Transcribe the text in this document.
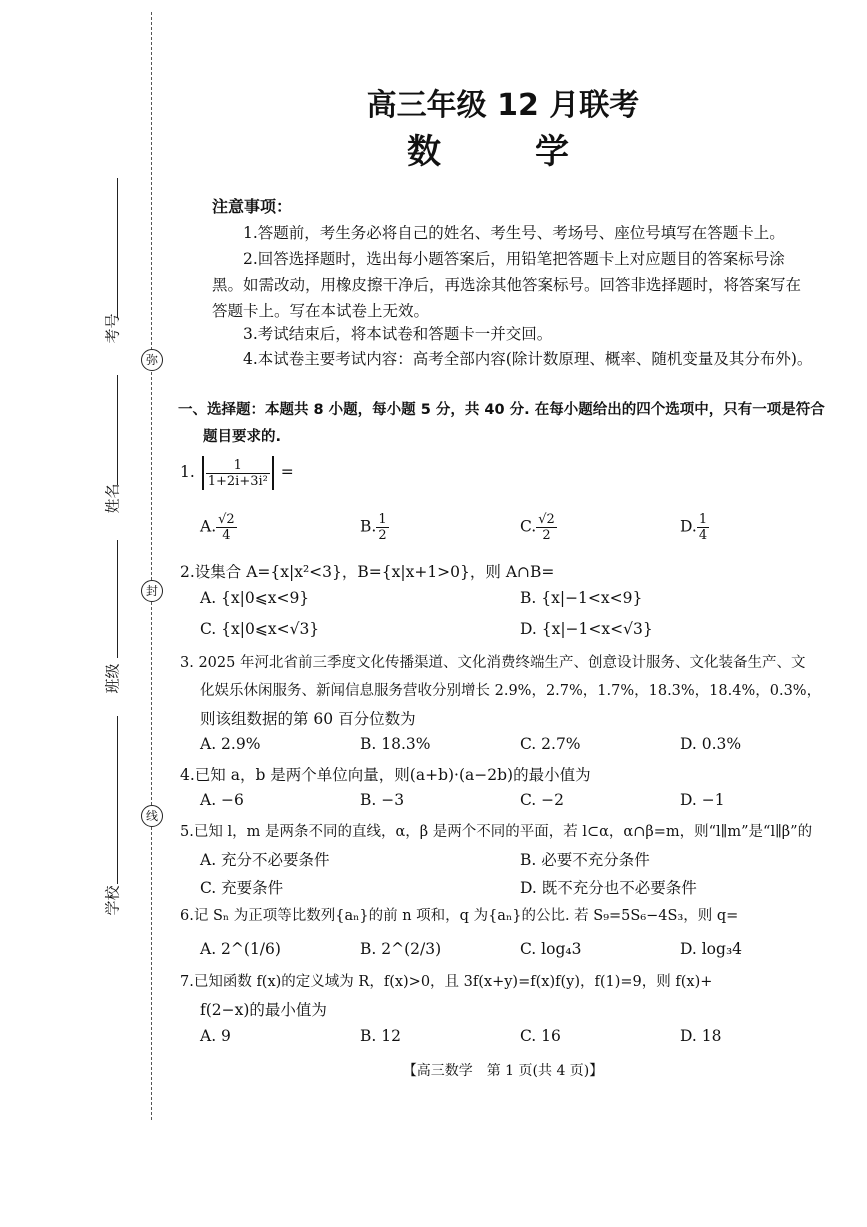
考号
姓名
班级
学校
弥
封
线
高三年级 12 月联考
数　学
注意事项：
1.答题前，考生务必将自己的姓名、考生号、考场号、座位号填写在答题卡上。
2.回答选择题时，选出每小题答案后，用铅笔把答题卡上对应题目的答案标号涂
黑。如需改动，用橡皮擦干净后，再选涂其他答案标号。回答非选择题时，将答案写在
答题卡上。写在本试卷上无效。
3.考试结束后，将本试卷和答题卡一并交回。
4.本试卷主要考试内容：高考全部内容(除计数原理、概率、随机变量及其分布外)。
一、选择题：本题共 8 小题，每小题 5 分，共 40 分. 在每小题给出的四个选项中，只有一项是符合
题目要求的.
1. $\frac{1}{\text{1+2i+3i²}}$ =
A. $\frac{√2}{4}$	B. $\frac{1}{2}$	C. $\frac{√2}{2}$	D. $\frac{1}{4}$
2.设集合 A={x|x²<3}，B={x|x+1>0}，则 A∩B=
A. {x|0⩽x<9}	B. {x|−1<x<9}
C. {x|0⩽x<√3}	D. {x|−1<x<√3}
3. 2025 年河北省前三季度文化传播渠道、文化消费终端生产、创意设计服务、文化装备生产、文
化娱乐休闲服务、新闻信息服务营收分别增长 2.9%，2.7%，1.7%，18.3%，18.4%，0.3%，
则该组数据的第 60 百分位数为
A. 2.9%	B. 18.3%	C. 2.7%	D. 0.3%
4.已知 a，b 是两个单位向量，则(a+b)·(a−2b)的最小值为
A. −6	B. −3	C. −2	D. −1
5.已知 l，m 是两条不同的直线，α，β 是两个不同的平面，若 l⊂α，α∩β=m，则“l∥m”是“l∥β”的
A. 充分不必要条件	B. 必要不充分条件
C. 充要条件	D. 既不充分也不必要条件
6.记 Sₙ 为正项等比数列{aₙ}的前 n 项和，q 为{aₙ}的公比. 若 S₉=5S₆−4S₃，则 q=
A. 2^(1/6)	B. 2^(2/3)	C. log₄3	D. log₃4
7.已知函数 f(x)的定义域为 R，f(x)>0，且 3f(x+y)=f(x)f(y)，f(1)=9，则 f(x)+
f(2−x)的最小值为
A. 9	B. 12	C. 16	D. 18
【高三数学　第 1 页(共 4 页)】
